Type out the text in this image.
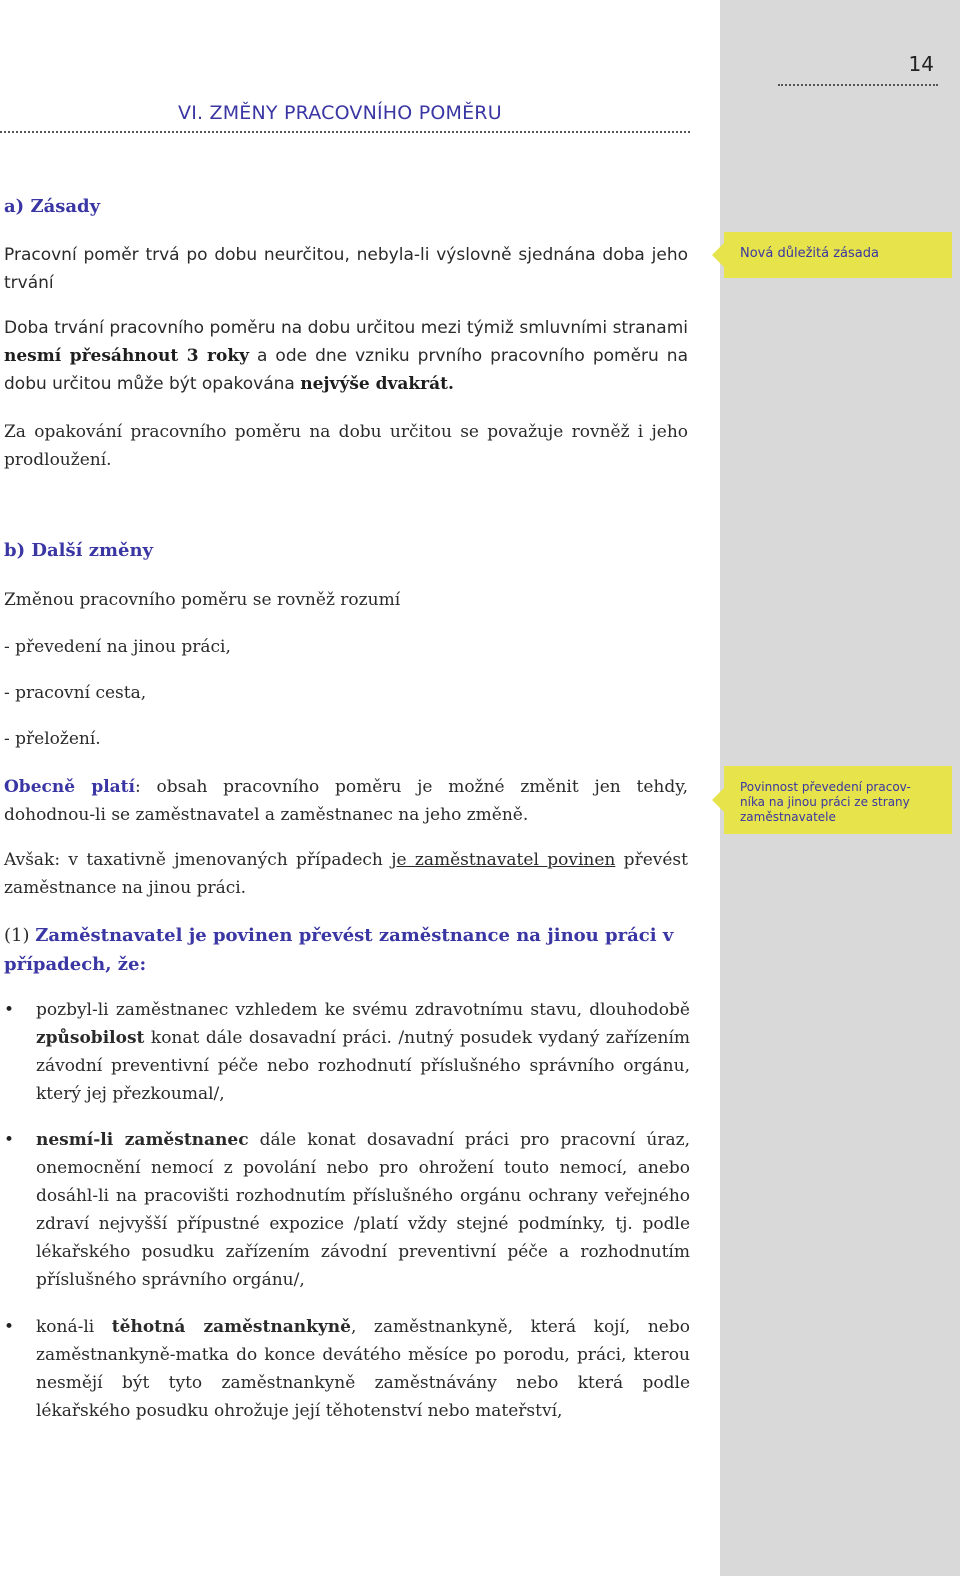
14
VI. ZMĚNY PRACOVNÍHO POMĚRU
a) Zásady
Pracovní poměr trvá po dobu neurčitou, nebyla-li výslovně sjednána doba jeho trvání
Doba trvání pracovního poměru na dobu určitou mezi týmiž smluvními stranami nesmí přesáhnout 3 roky a ode dne vzniku prvního pracovního poměru na dobu určitou může být opakována nejvýše dvakrát.
Za opakování pracovního poměru na dobu určitou se považuje rovněž i jeho prodloužení.
Nová důležitá zásada
Povinnost převedení pracov-
níka na jinou práci ze strany zaměstnavatele
b) Další změny
Změnou pracovního poměru se rovněž rozumí
- převedení na jinou práci,
- pracovní cesta,
- přeložení.
Obecně platí: obsah pracovního poměru je možné změnit jen tehdy, dohodnou-li se zaměstnavatel a zaměstnanec na jeho změně.
Avšak: v taxativně jmenovaných případech je zaměstnavatel povinen převést zaměstnance na jinou práci.
(1) Zaměstnavatel je povinen převést zaměstnance na jinou práci v případech, že:
• pozbyl-li zaměstnanec vzhledem ke svému zdravotnímu stavu, dlouhodobě způsobilost konat dále dosavadní práci. /nutný posudek vydaný zařízením závodní preventivní péče nebo rozhodnutí příslušného správního orgánu, který jej přezkoumal/,
• nesmí-li zaměstnanec dále konat dosavadní práci pro pracovní úraz, onemocnění nemocí z povolání nebo pro ohrožení touto nemocí, anebo dosáhl-li na pracovišti rozhodnutím příslušného orgánu ochrany veřejného zdraví nejvyšší přípustné expozice /platí vždy stejné podmínky, tj. podle lékařského posudku zařízením závodní preventivní péče a rozhodnutím příslušného správního orgánu/,
• koná-li těhotná zaměstnankyně, zaměstnankyně, která kojí, nebo zaměstnankyně-matka do konce devátého měsíce po porodu, práci, kterou nesmějí být tyto zaměstnankyně zaměstnávány nebo která podle lékařského posudku ohrožuje její těhotenství nebo mateřství,
